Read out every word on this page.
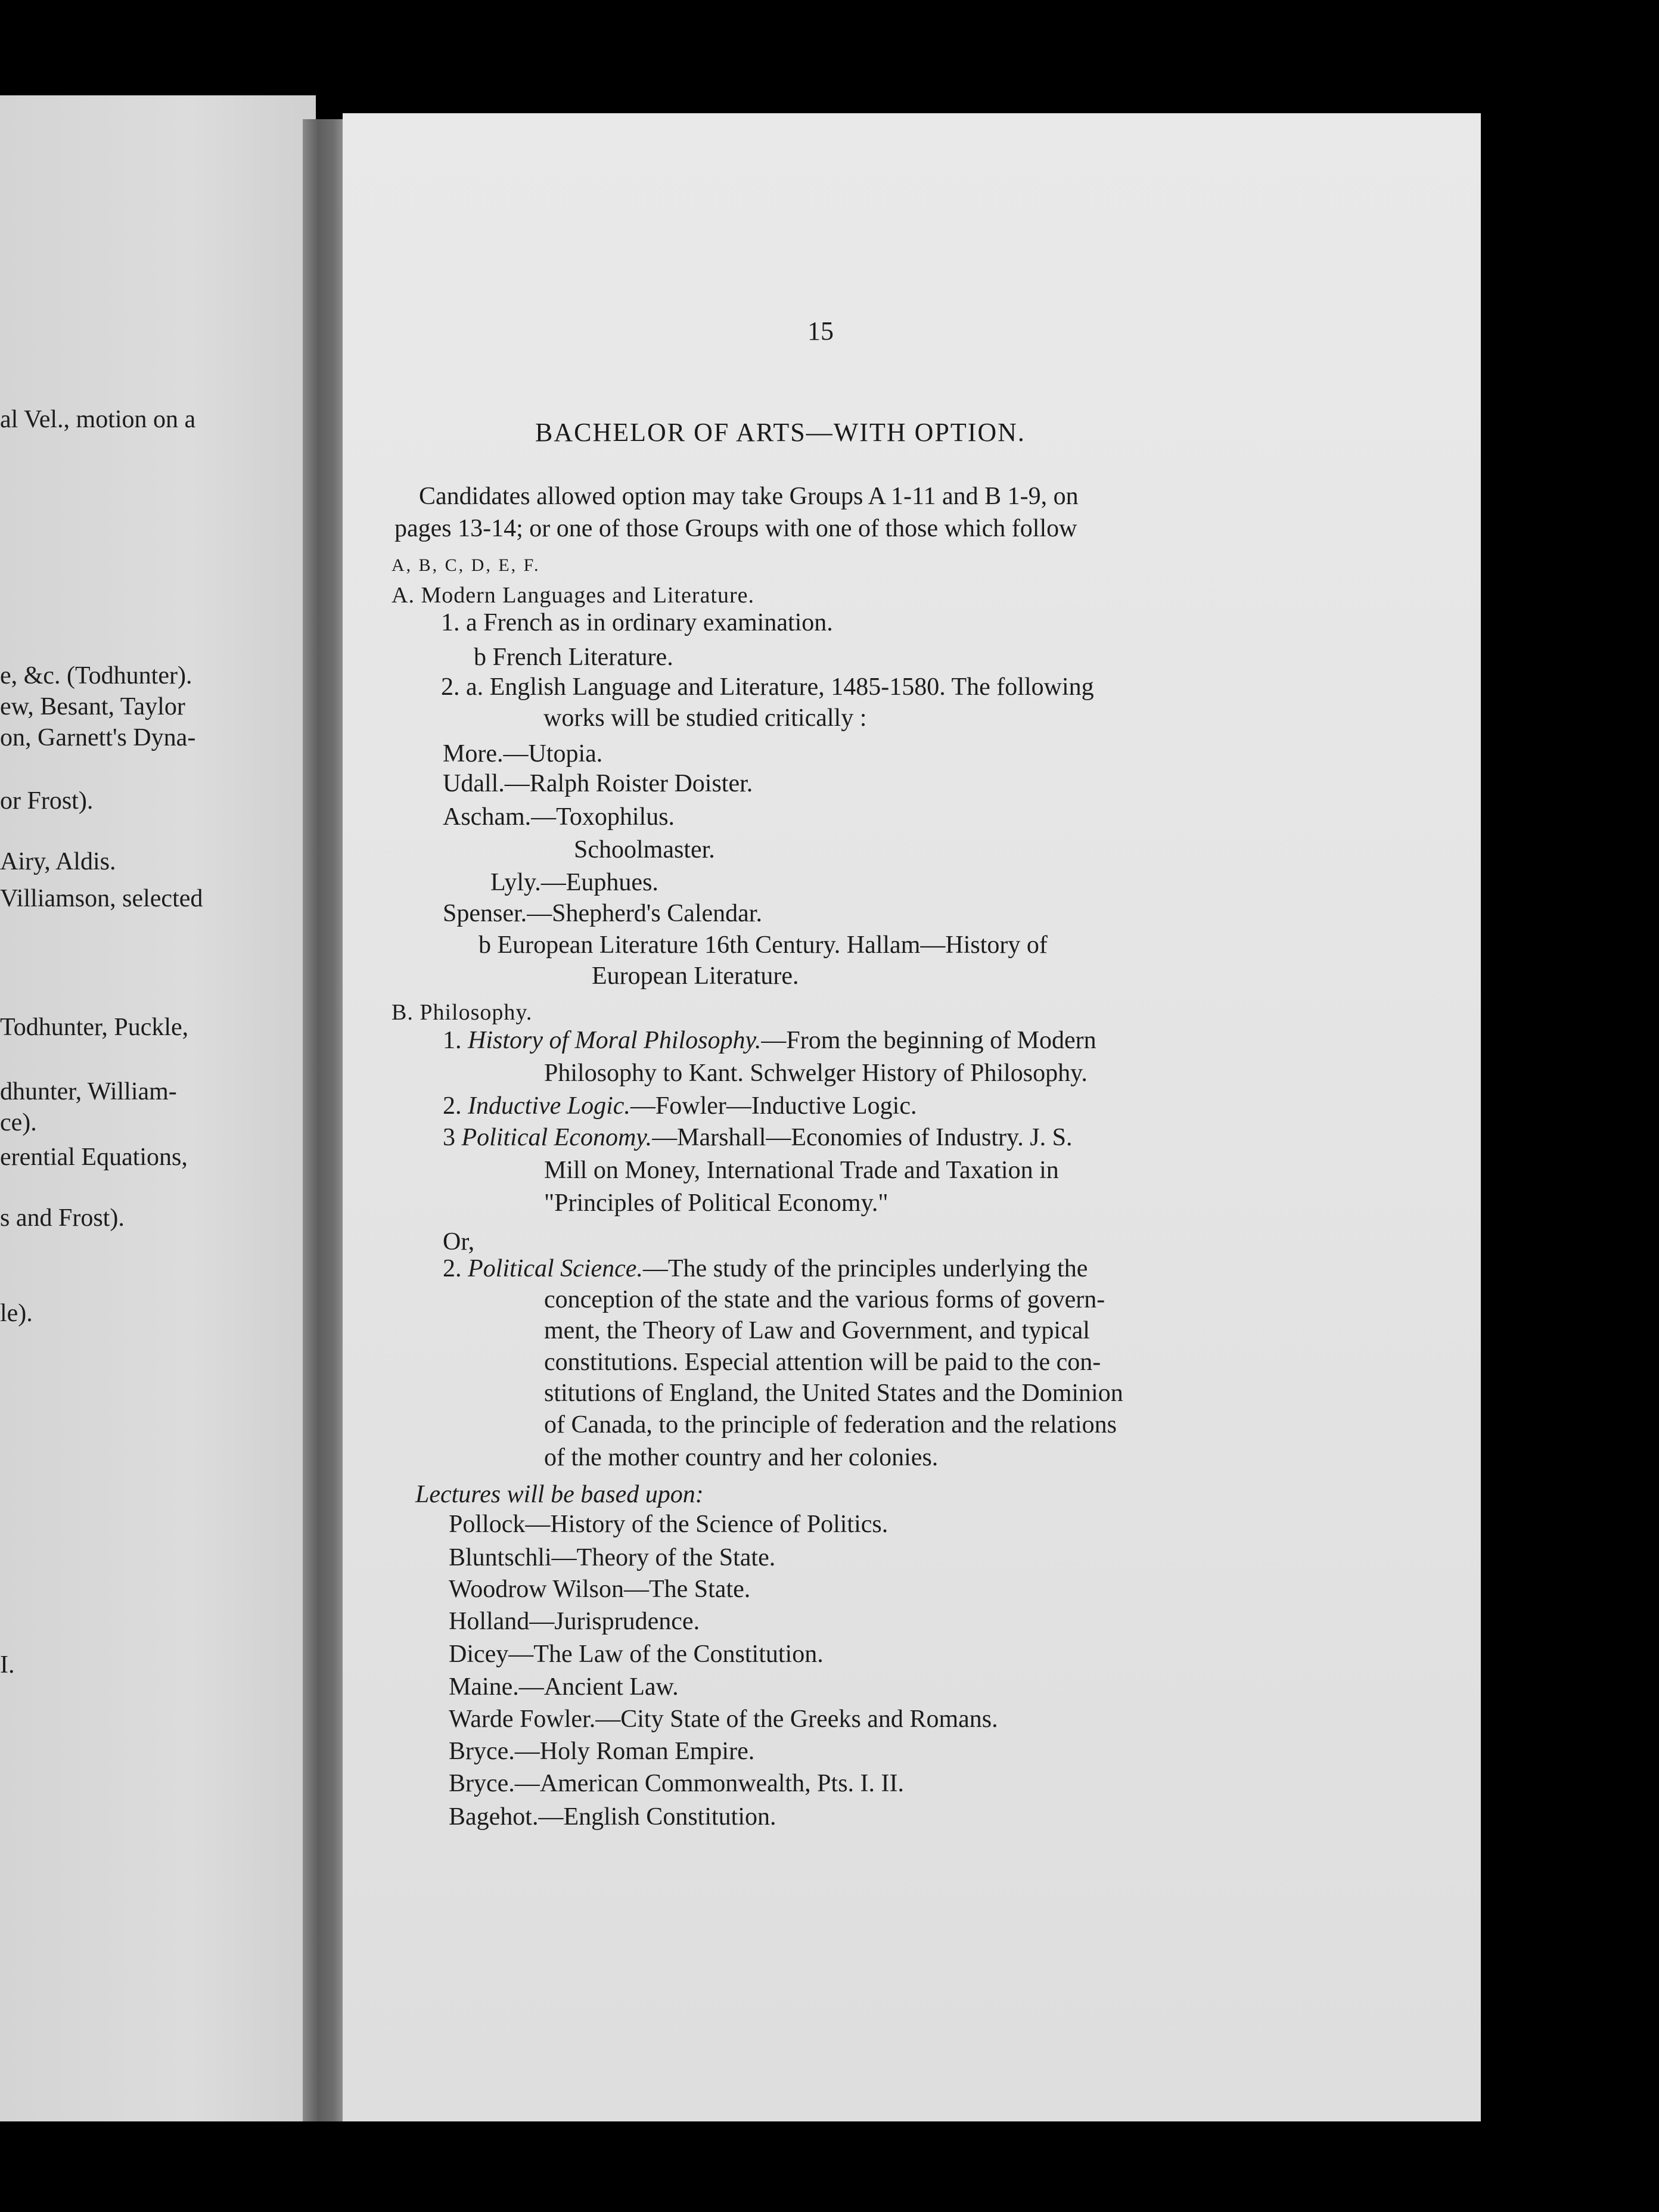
al Vel., motion on a
e, &c. (Todhunter).
ew, Besant, Taylor
on, Garnett's Dyna-
or Frost).
Airy, Aldis.
Villiamson, selected
Todhunter, Puckle,
dhunter, William-
ce).
erential Equations,
s and Frost).
le).
I.
15
BACHELOR OF ARTS—WITH OPTION.
Candidates allowed option may take Groups A 1-11 and B 1-9, on
pages 13-14; or one of those Groups with one of those which follow
A, B, C, D, E, F.
A. Modern Languages and Literature.
1. a French as in ordinary examination.
b French Literature.
2. a. English Language and Literature, 1485-1580. The following
works will be studied critically :
More.—Utopia.
Udall.—Ralph Roister Doister.
Ascham.—Toxophilus.
Schoolmaster.
Lyly.—Euphues.
Spenser.—Shepherd's Calendar.
b European Literature 16th Century. Hallam—History of
European Literature.
B. Philosophy.
1. History of Moral Philosophy.—From the beginning of Modern
Philosophy to Kant. Schwelger History of Philosophy.
2. Inductive Logic.—Fowler—Inductive Logic.
3 Political Economy.—Marshall—Economies of Industry. J. S.
Mill on Money, International Trade and Taxation in
"Principles of Political Economy."
Or,
2. Political Science.—The study of the principles underlying the
conception of the state and the various forms of govern-
ment, the Theory of Law and Government, and typical
constitutions. Especial attention will be paid to the con-
stitutions of England, the United States and the Dominion
of Canada, to the principle of federation and the relations
of the mother country and her colonies.
Lectures will be based upon:
Pollock—History of the Science of Politics.
Bluntschli—Theory of the State.
Woodrow Wilson—The State.
Holland—Jurisprudence.
Dicey—The Law of the Constitution.
Maine.—Ancient Law.
Warde Fowler.—City State of the Greeks and Romans.
Bryce.—Holy Roman Empire.
Bryce.—American Commonwealth, Pts. I. II.
Bagehot.—English Constitution.
